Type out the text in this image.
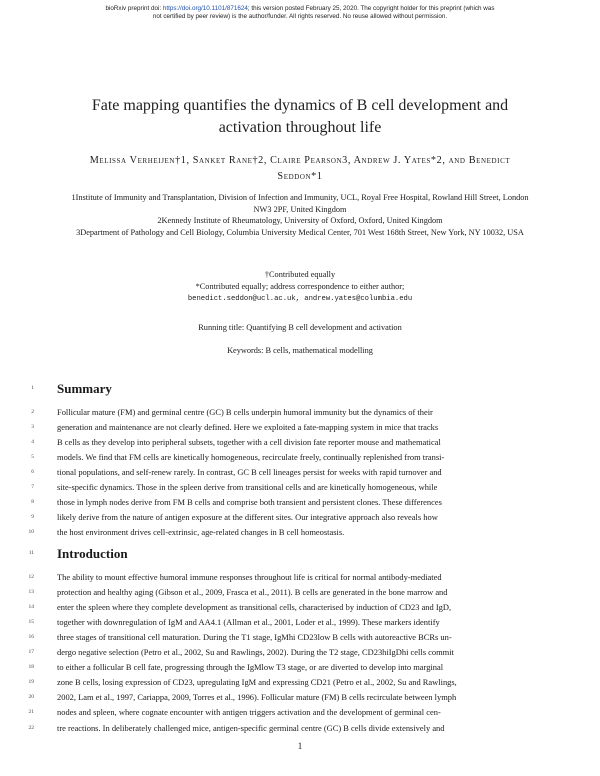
bioRxiv preprint doi: https://doi.org/10.1101/871624; this version posted February 25, 2020. The copyright holder for this preprint (which was
not certified by peer review) is the author/funder. All rights reserved. No reuse allowed without permission.
Fate mapping quantifies the dynamics of B cell development and activation throughout life
Melissa Verheijen†1, Sanket Rane†2, Claire Pearson3, Andrew J. Yates*2, and Benedict
Seddon*1

1Institute of Immunity and Transplantation, Division of Infection and Immunity, UCL, Royal Free Hospital, Rowland Hill Street, London NW3 2PF, United Kingdom

2Kennedy Institute of Rheumatology, University of Oxford, Oxford, United Kingdom

3Department of Pathology and Cell Biology, Columbia University Medical Center, 701 West 168th Street, New York, NY 10032, USA

†Contributed equally
*Contributed equally; address correspondence to either author;
benedict.seddon@ucl.ac.uk, andrew.yates@columbia.edu
Running title: Quantifying B cell development and activation
Keywords: B cells, mathematical modelling
1 Summary
2	Follicular mature (FM) and germinal centre (GC) B cells underpin humoral immunity but the dynamics of their
3	generation and maintenance are not clearly defined. Here we exploited a fate-mapping system in mice that tracks
4	B cells as they develop into peripheral subsets, together with a cell division fate reporter mouse and mathematical
5	models. We find that FM cells are kinetically homogeneous, recirculate freely, continually replenished from transi-
6	tional populations, and self-renew rarely. In contrast, GC B cell lineages persist for weeks with rapid turnover and
7	site-specific dynamics. Those in the spleen derive from transitional cells and are kinetically homogeneous, while
8	those in lymph nodes derive from FM B cells and comprise both transient and persistent clones. These differences
9	likely derive from the nature of antigen exposure at the different sites. Our integrative approach also reveals how
10	the host environment drives cell-extrinsic, age-related changes in B cell homeostasis.
11 Introduction
12	The ability to mount effective humoral immune responses throughout life is critical for normal antibody-mediated
13	protection and healthy aging (Gibson et al., 2009, Frasca et al., 2011). B cells are generated in the bone marrow and
14	enter the spleen where they complete development as transitional cells, characterised by induction of CD23 and IgD,
15	together with downregulation of IgM and AA4.1 (Allman et al., 2001, Loder et al., 1999). These markers identify
16	three stages of transitional cell maturation. During the T1 stage, IgMhi CD23low B cells with autoreactive BCRs un-
17	dergo negative selection (Petro et al., 2002, Su and Rawlings, 2002). During the T2 stage, CD23hiIgDhi cells commit
18	to either a follicular B cell fate, progressing through the IgMlow T3 stage, or are diverted to develop into marginal
19	zone B cells, losing expression of CD23, upregulating IgM and expressing CD21 (Petro et al., 2002, Su and Rawlings,
20	2002, Lam et al., 1997, Cariappa, 2009, Torres et al., 1996). Follicular mature (FM) B cells recirculate between lymph
21	nodes and spleen, where cognate encounter with antigen triggers activation and the development of germinal cen-
22	tre reactions. In deliberately challenged mice, antigen-specific germinal centre (GC) B cells divide extensively and
1
